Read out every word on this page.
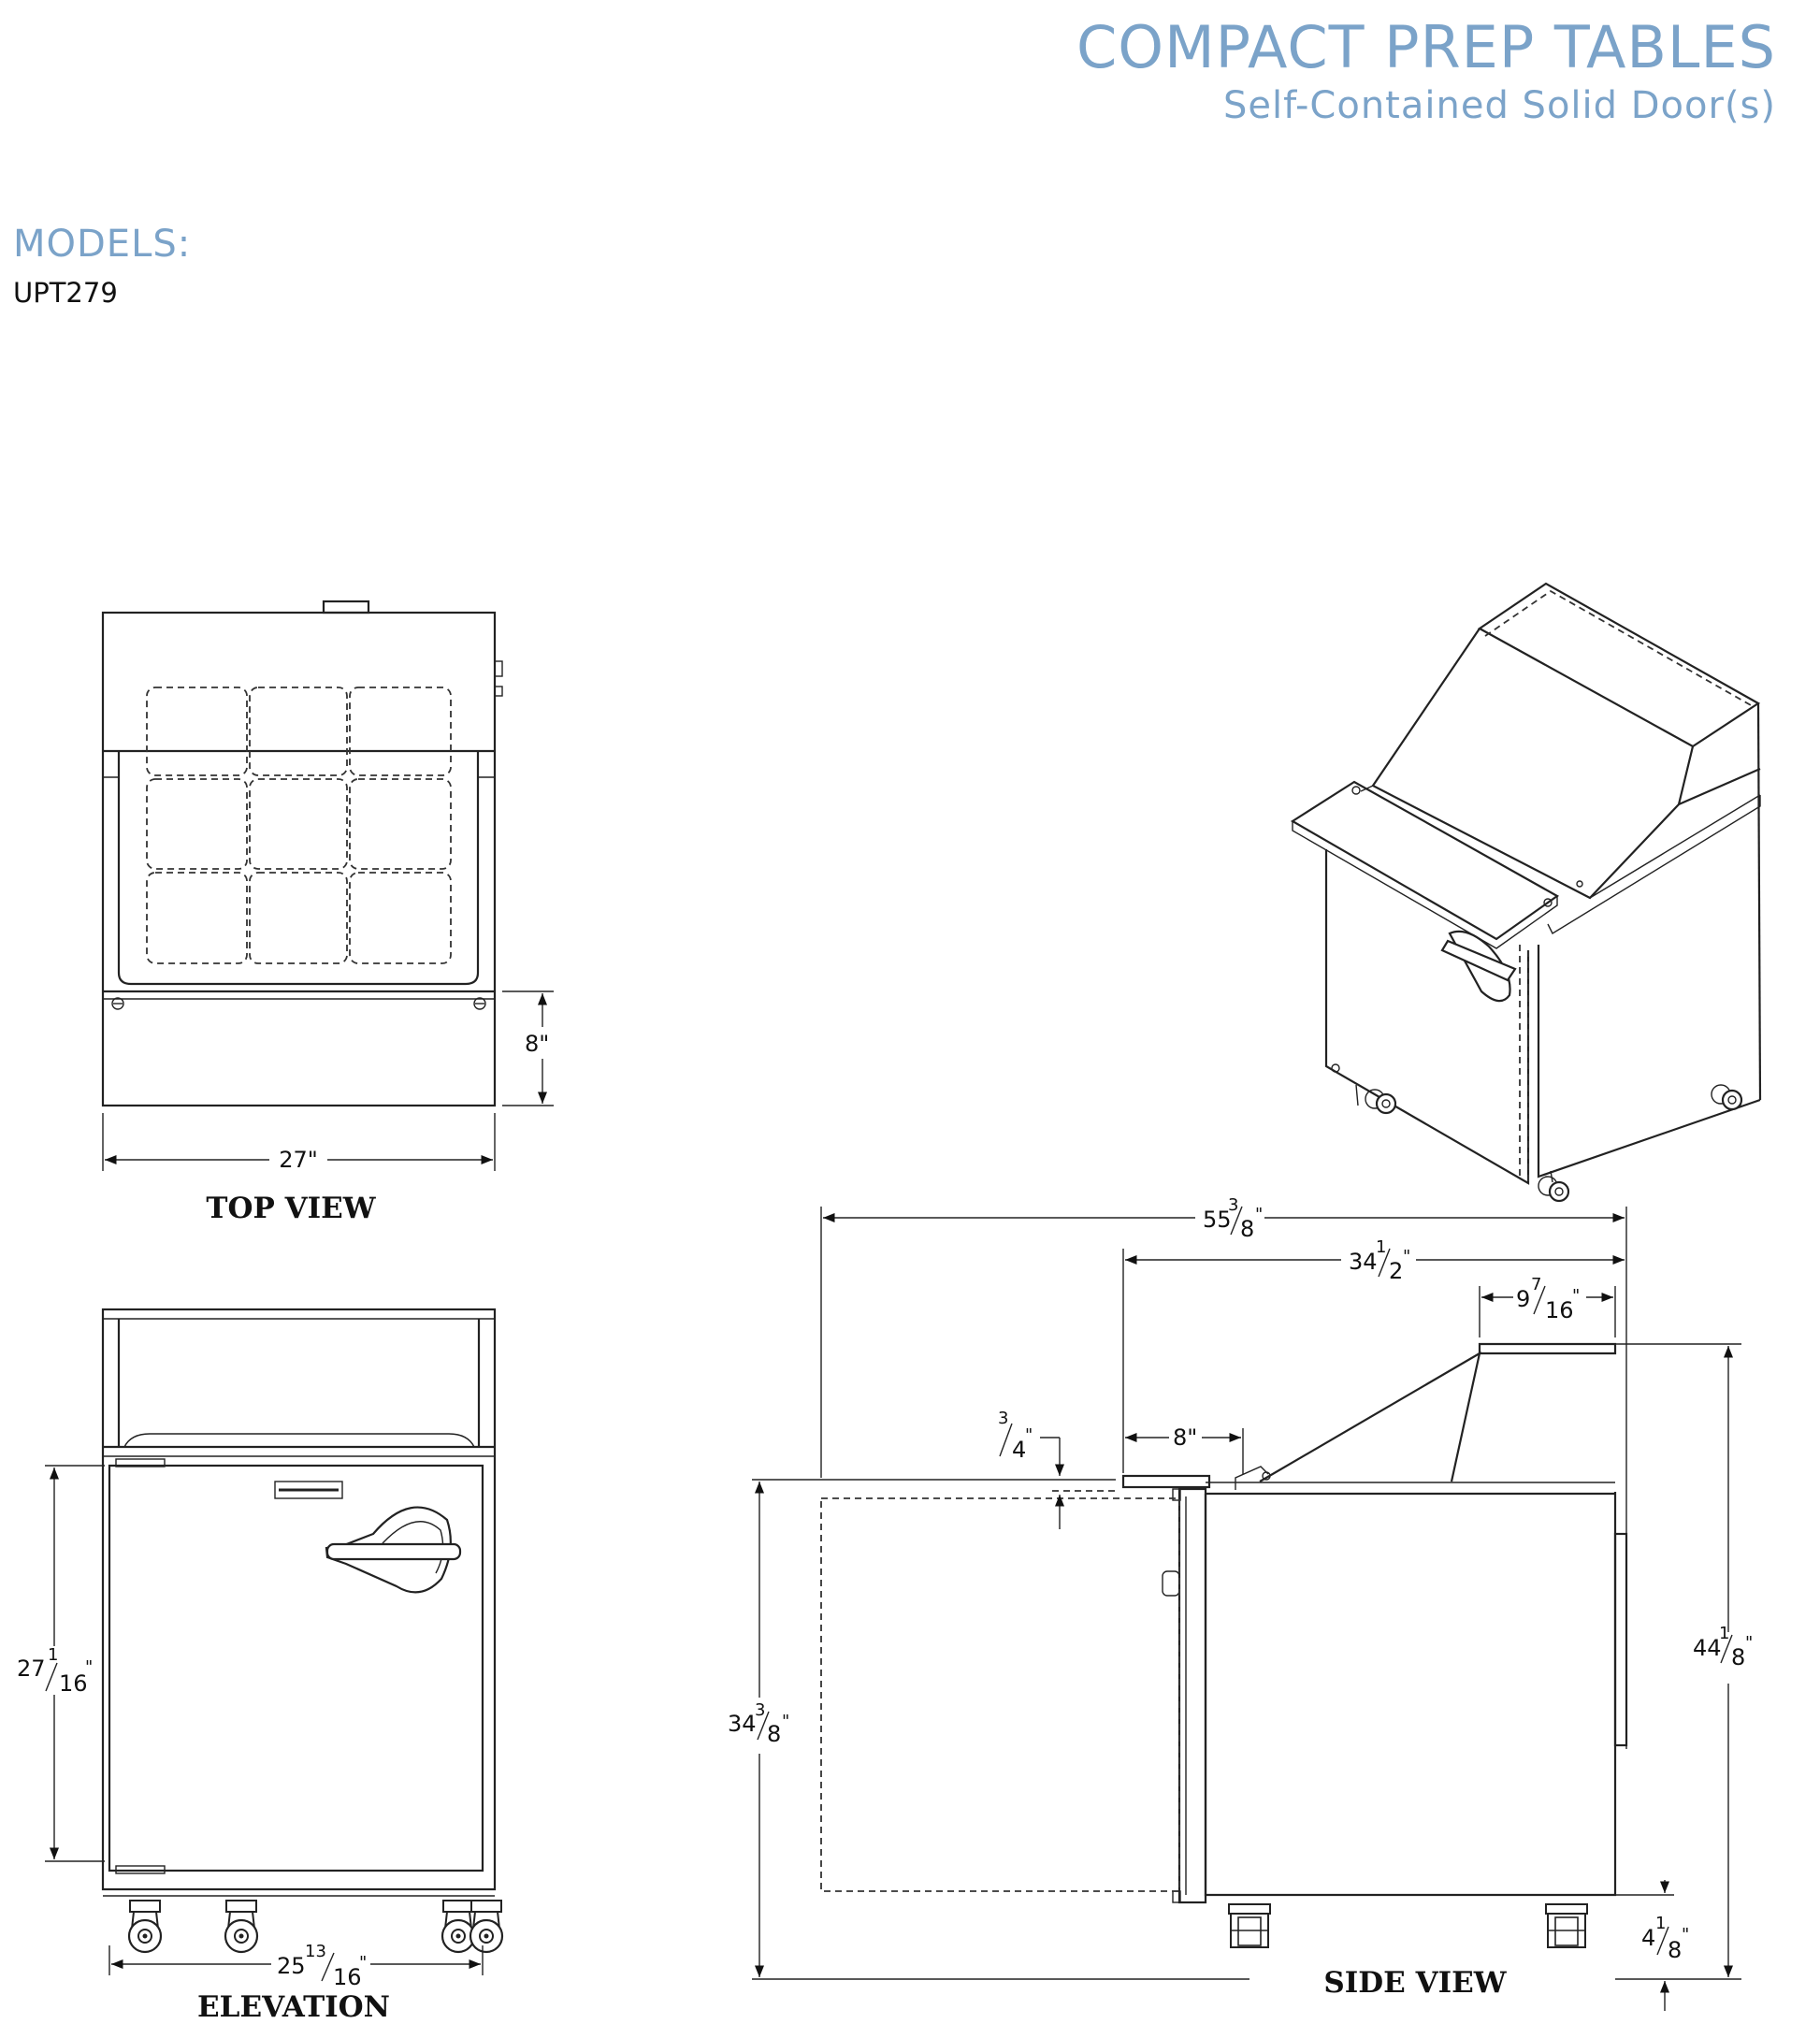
COMPACT PREP TABLES
Self-Contained Solid Door(s)

MODELS:

UPT279

8"
27"
TOP VIEW
27
1
16
"
25
13
16
"
ELEVATION
55
3
8
"
34
1
2
"
9
7
16
"
8"
3
4
"
34
3
8 "
44
1
8
"
4
1
8
"
SIDE VIEW
